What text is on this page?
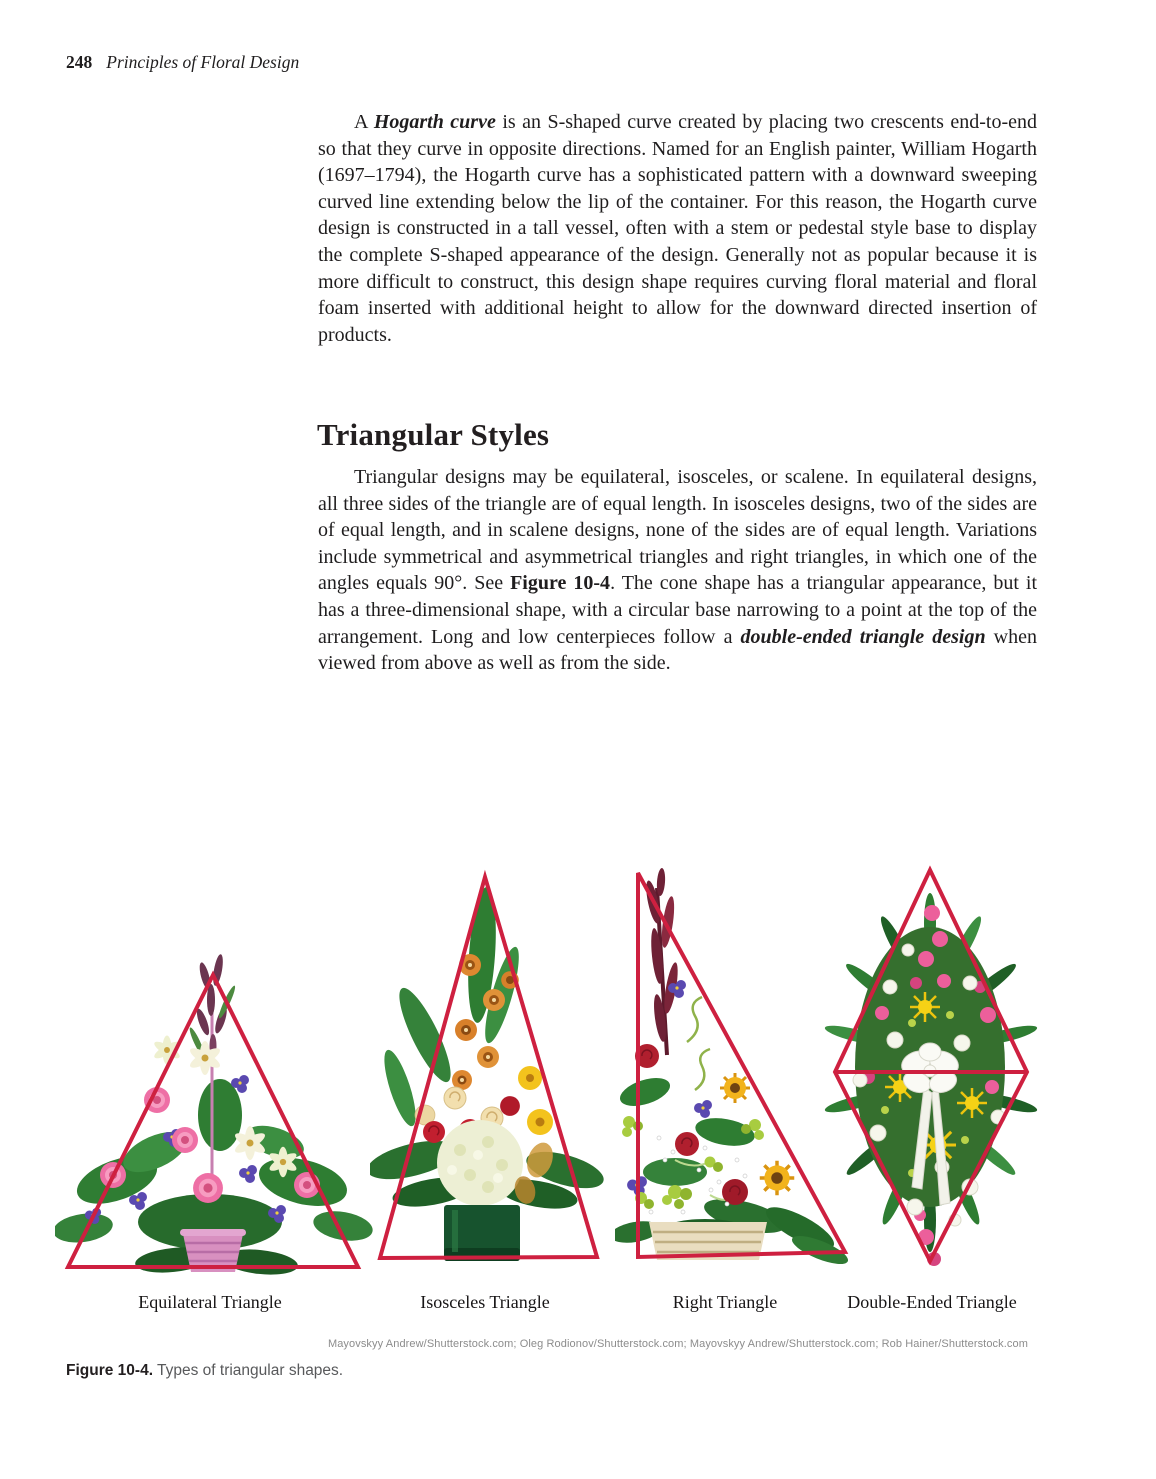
248 Principles of Floral Design

A Hogarth curve is an S-shaped curve created by placing two crescents end-to-end so that they curve in opposite directions. Named for an English painter, William Hogarth (1697–1794), the Hogarth curve has a sophisticated pattern with a downward sweeping curved line extending below the lip of the container. For this reason, the Hogarth curve design is constructed in a tall vessel, often with a stem or pedestal style base to display the complete S-shaped appearance of the design. Generally not as popular because it is more difficult to construct, this design shape requires curving floral material and floral foam inserted with additional height to allow for the downward directed insertion of products.

Triangular Styles

Triangular designs may be equilateral, isosceles, or scalene. In equilateral designs, all three sides of the triangle are of equal length. In isosceles designs, two of the sides are of equal length, and in scalene designs, none of the sides are of equal length. Variations include symmetrical and asymmetrical triangles and right triangles, in which one of the angles equals 90°. See Figure 10-4. The cone shape has a triangular appearance, but it has a three-dimensional shape, with a circular base narrowing to a point at the top of the arrangement. Long and low centerpieces follow a double-ended triangle design when viewed from above as well as from the side.

Equilateral Triangle	Isosceles Triangle	Right Triangle	Double-Ended Triangle
Mayovskyy Andrew/Shutterstock.com; Oleg Rodionov/Shutterstock.com; Mayovskyy Andrew/Shutterstock.com; Rob Hainer/Shutterstock.com
Figure 10-4. Types of triangular shapes.
